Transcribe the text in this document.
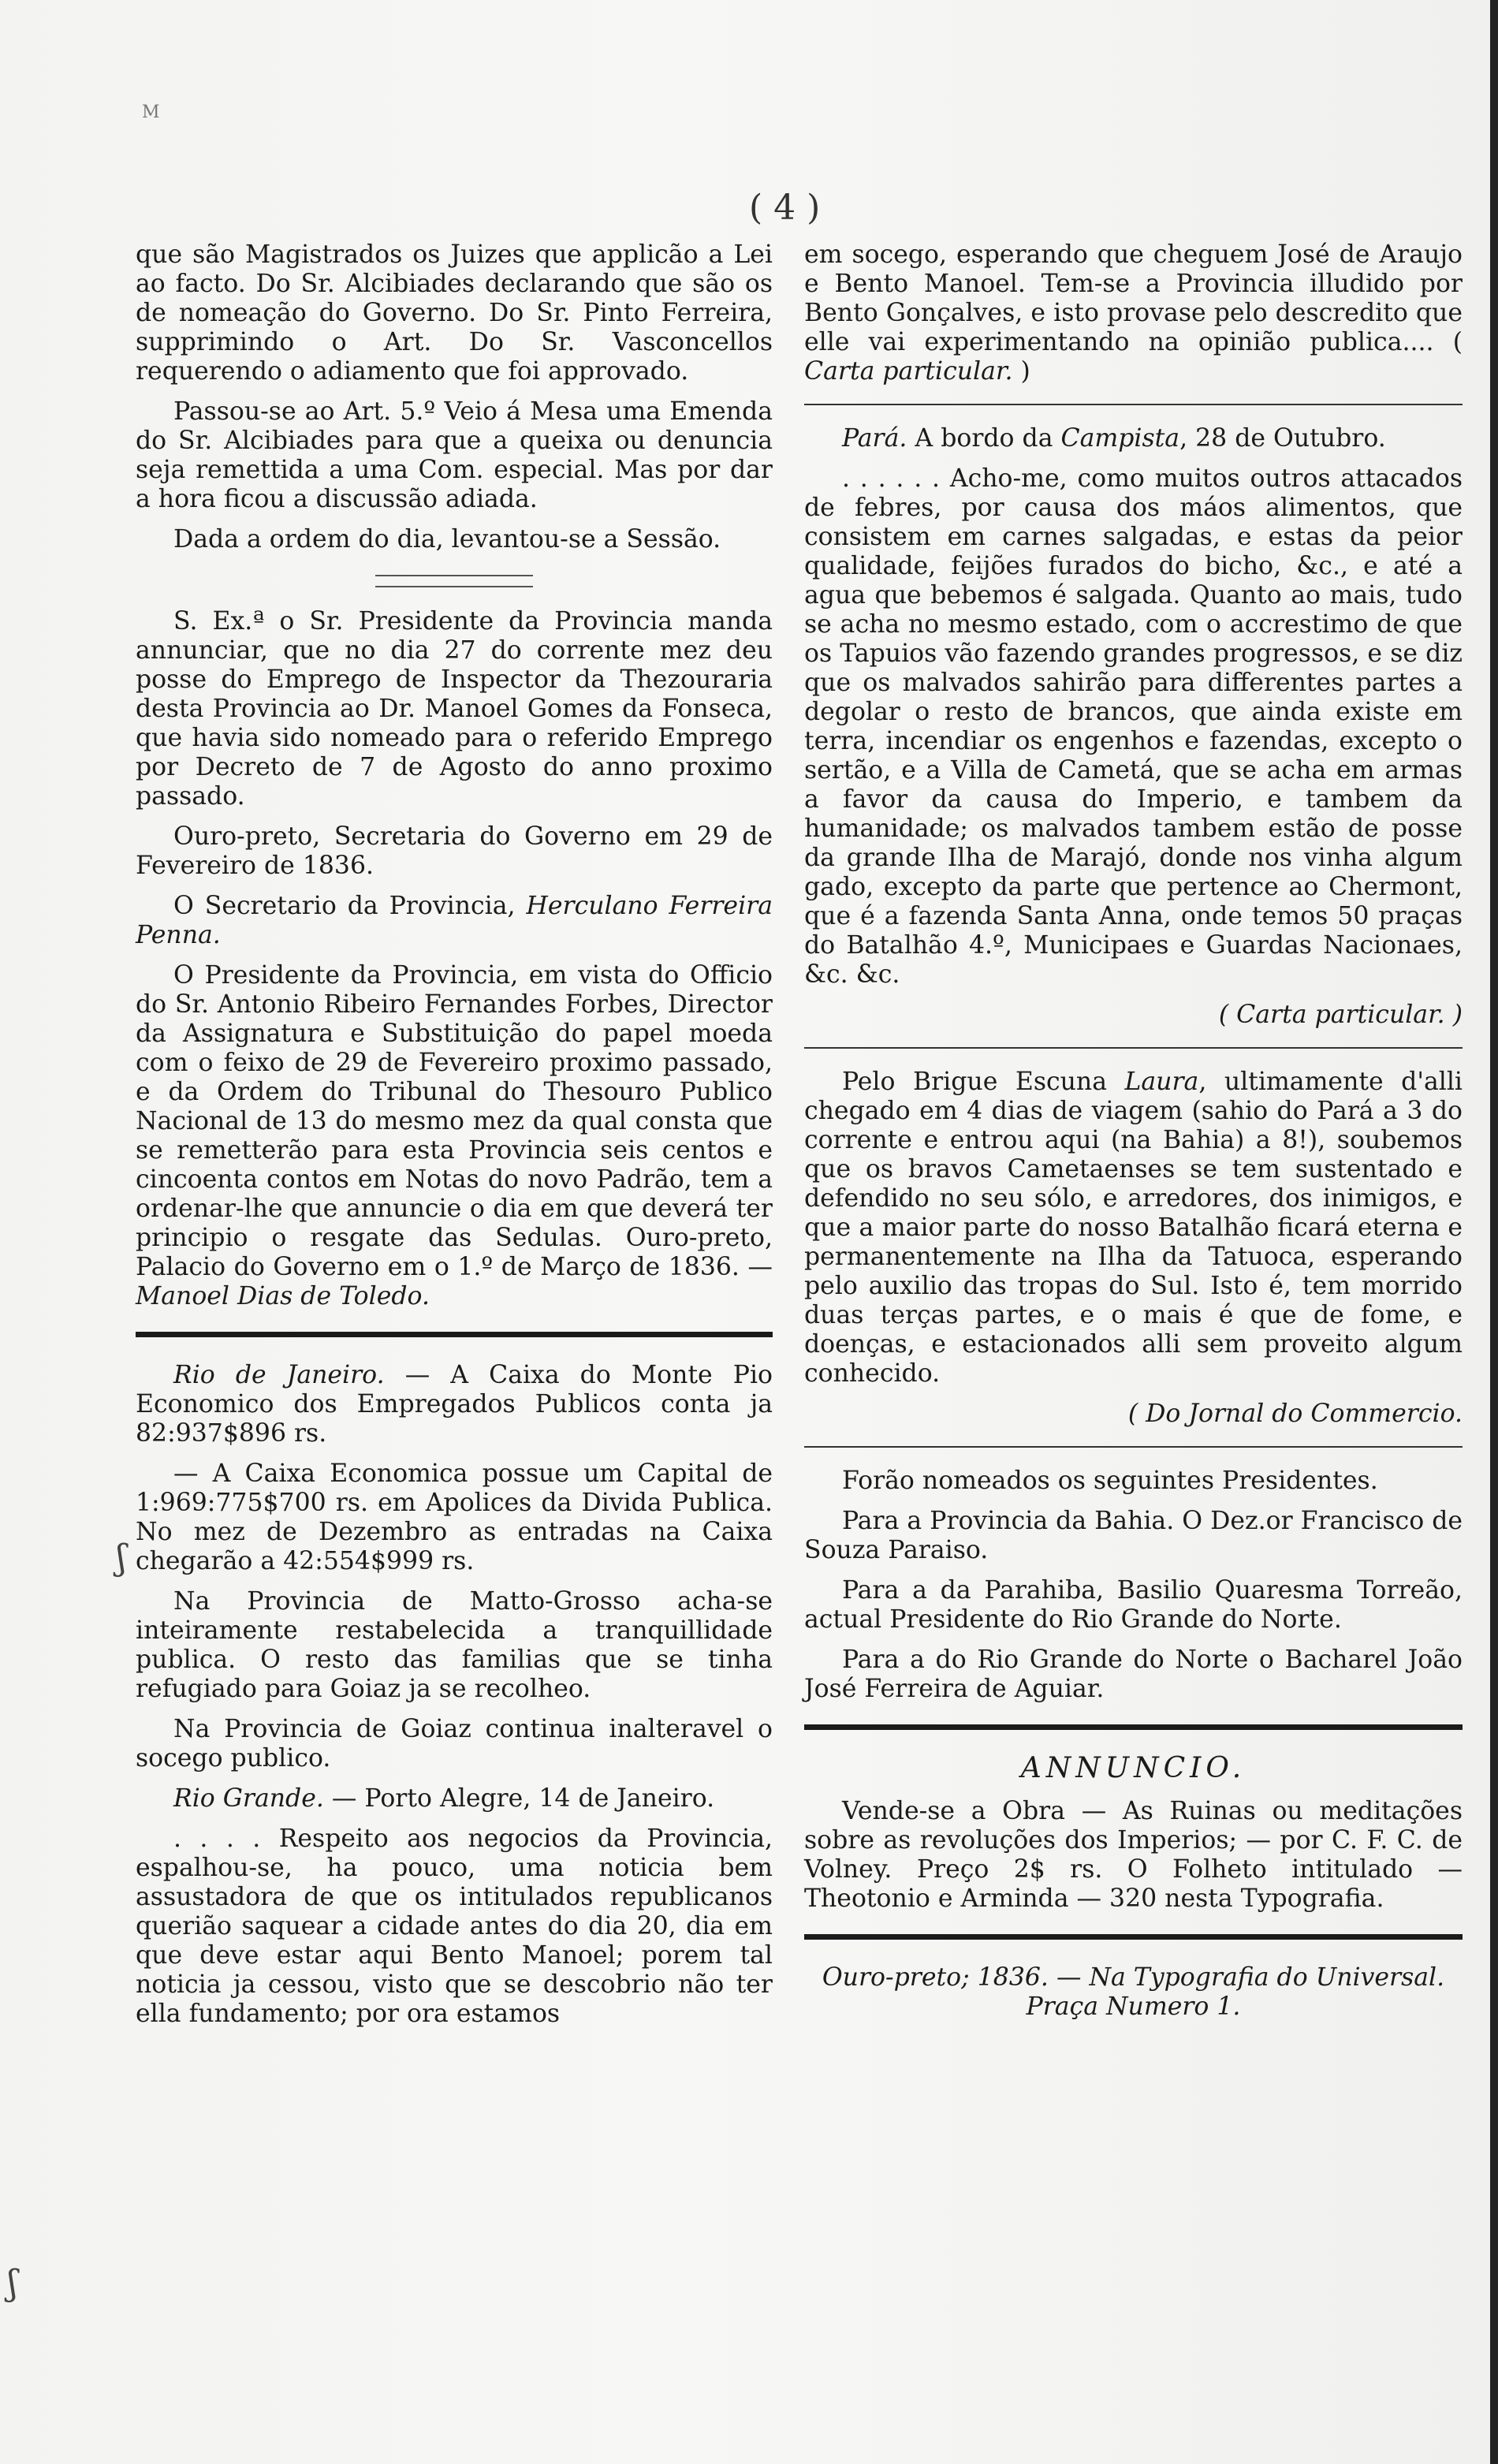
M
( 4 )

que são Magistrados os Juizes que applicão a Lei ao facto. Do Sr. Alcibiades declarando que são os de nomeação do Governo. Do Sr. Pinto Ferreira, supprimindo o Art. Do Sr. Vasconcellos requerendo o adiamento que foi approvado.

Passou-se ao Art. 5.º Veio á Mesa uma Emenda do Sr. Alcibiades para que a queixa ou denuncia seja remettida a uma Com. especial. Mas por dar a hora ficou a discussão adiada.

Dada a ordem do dia, levantou-se a Sessão.

S. Ex.ª o Sr. Presidente da Provincia manda annunciar, que no dia 27 do corrente mez deu posse do Emprego de Inspector da Thezouraria desta Provincia ao Dr. Manoel Gomes da Fonseca, que havia sido nomeado para o referido Emprego por Decreto de 7 de Agosto do anno proximo passado.

Ouro-preto, Secretaria do Governo em 29 de Fevereiro de 1836.

O Secretario da Provincia, Herculano Ferreira Penna.

O Presidente da Provincia, em vista do Officio do Sr. Antonio Ribeiro Fernandes Forbes, Director da Assignatura e Substituição do papel moeda com o feixo de 29 de Fevereiro proximo passado, e da Ordem do Tribunal do Thesouro Publico Nacional de 13 do mesmo mez da qual consta que se remetterão para esta Provincia seis centos e cincoenta contos em Notas do novo Padrão, tem a ordenar-lhe que annuncie o dia em que deverá ter principio o resgate das Sedulas. Ouro-preto, Palacio do Governo em o 1.º de Março de 1836. — Manoel Dias de Toledo.

Rio de Janeiro. — A Caixa do Monte Pio Economico dos Empregados Publicos conta ja 82:937$896 rs.

— A Caixa Economica possue um Capital de 1:969:775$700 rs. em Apolices da Divida Publica. No mez de Dezembro as entradas na Caixa chegarão a 42:554$999 rs.

Na Provincia de Matto-Grosso acha-se inteiramente restabelecida a tranquillidade publica. O resto das familias que se tinha refugiado para Goiaz ja se recolheo.

Na Provincia de Goiaz continua inalteravel o socego publico.

Rio Grande. — Porto Alegre, 14 de Janeiro.

. . . . Respeito aos negocios da Provincia, espalhou-se, ha pouco, uma noticia bem assustadora de que os intitulados republicanos querião saquear a cidade antes do dia 20, dia em que deve estar aqui Bento Manoel; porem tal noticia ja cessou, visto que se descobrio não ter ella fundamento; por ora estamos

em socego, esperando que cheguem José de Araujo e Bento Manoel. Tem-se a Provincia illudido por Bento Gonçalves, e isto provase pelo descredito que elle vai experimentando na opinião publica.... ( Carta particular. )

Pará. A bordo da Campista, 28 de Outubro.

. . . . . . Acho-me, como muitos outros attacados de febres, por causa dos máos alimentos, que consistem em carnes salgadas, e estas da peior qualidade, feijões furados do bicho, &c., e até a agua que bebemos é salgada. Quanto ao mais, tudo se acha no mesmo estado, com o accrestimo de que os Tapuios vão fazendo grandes progressos, e se diz que os malvados sahirão para differentes partes a degolar o resto de brancos, que ainda existe em terra, incendiar os engenhos e fazendas, excepto o sertão, e a Villa de Cametá, que se acha em armas a favor da causa do Imperio, e tambem da humanidade; os malvados tambem estão de posse da grande Ilha de Marajó, donde nos vinha algum gado, excepto da parte que pertence ao Chermont, que é a fazenda Santa Anna, onde temos 50 praças do Batalhão 4.º, Municipaes e Guardas Nacionaes, &c. &c.

( Carta particular. )

Pelo Brigue Escuna Laura, ultimamente d'alli chegado em 4 dias de viagem (sahio do Pará a 3 do corrente e entrou aqui (na Bahia) a 8!), soubemos que os bravos Cametaenses se tem sustentado e defendido no seu sólo, e arredores, dos inimigos, e que a maior parte do nosso Batalhão ficará eterna e permanentemente na Ilha da Tatuoca, esperando pelo auxilio das tropas do Sul. Isto é, tem morrido duas terças partes, e o mais é que de fome, e doenças, e estacionados alli sem proveito algum conhecido.

( Do Jornal do Commercio.

Forão nomeados os seguintes Presidentes.

Para a Provincia da Bahia. O Dez.or Francisco de Souza Paraiso.

Para a da Parahiba, Basilio Quaresma Torreão, actual Presidente do Rio Grande do Norte.

Para a do Rio Grande do Norte o Bacharel João José Ferreira de Aguiar.

ANNUNCIO.

Vende-se a Obra — As Ruinas ou meditações sobre as revoluções dos Imperios; — por C. F. C. de Volney. Preço 2$ rs. O Folheto intitulado — Theotonio e Arminda — 320 nesta Typografia.

Ouro-preto; 1836. — Na Typografia do Universal. Praça Numero 1.
ʃ
ʃ
